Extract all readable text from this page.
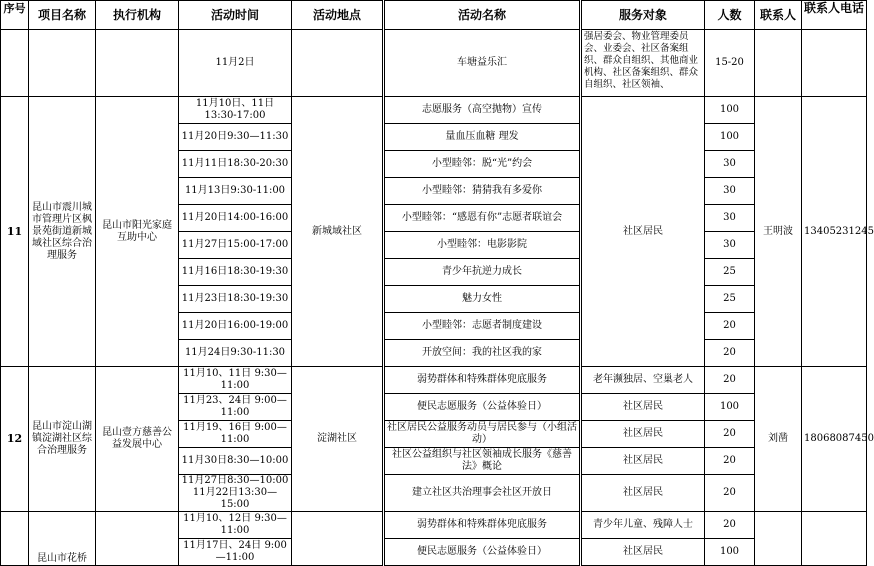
序号	项目名称	执行机构	活动时间	活动地点	活动名称	服务对象	人数	联系人	联系人电话
			11月2日		车塘益乐汇	强居委会、物业管理委员会、业委会、社区备案组织、群众自组织、其他商业机构、社区备案组织、群众自组织、社区领袖、	15-20		
11	昆山市震川城市管理片区枫景苑街道新城域社区综合治理服务	昆山市阳光家庭互助中心	11月10日、11日13:30-17:00	新城域社区	志愿服务（高空抛物）宣传	社区居民	100	王明波	13405231245
			11月20日9:30—11:30		量血压血糖 理发		100		
			11月11日18:30-20:30		小型睦邻：脱“光”约会		30		
			11月13日9:30-11:00		小型睦邻：猜猜我有多爱你		30		
			11月20日14:00-16:00		小型睦邻：“感恩有你”志愿者联谊会		30		
			11月27日15:00-17:00		小型睦邻：电影影院		30		
			11月16日18:30-19:30		青少年抗逆力成长		25		
			11月23日18:30-19:30		魅力女性		25		
			11月20日16:00-19:00		小型睦邻：志愿者制度建设		20		
			11月24日9:30-11:30		开放空间：我的社区我的家		20		
12	昆山市淀山湖镇淀湖社区综合治理服务	昆山壹方慈善公益发展中心	11月10、11日 9:30—11:00	淀湖社区	弱势群体和特殊群体兜底服务	老年濒独居、空巢老人	20	刘凿	18068087450
			11月23、24日 9:00—11:00		便民志愿服务（公益体验日）	社区居民	100		
			11月19、16日 9:00—11:00		社区居民公益服务动员与居民参与（小组活动）	社区居民	20		
			11月30日8:30—10:00		社区公益组织与社区领袖成长服务《慈善法》概论	社区居民	20		
			11月27日8:30—10:00 11月22日13:30—15:00		建立社区共治理事会社区开放日	社区居民	20		
	昆山市花桥		11月10、12日 9:30—11:00		弱势群体和特殊群体兜底服务	青少年儿童、残障人士	20		
			11月17日、24日 9:00—11:00		便民志愿服务（公益体验日）	社区居民	100		
